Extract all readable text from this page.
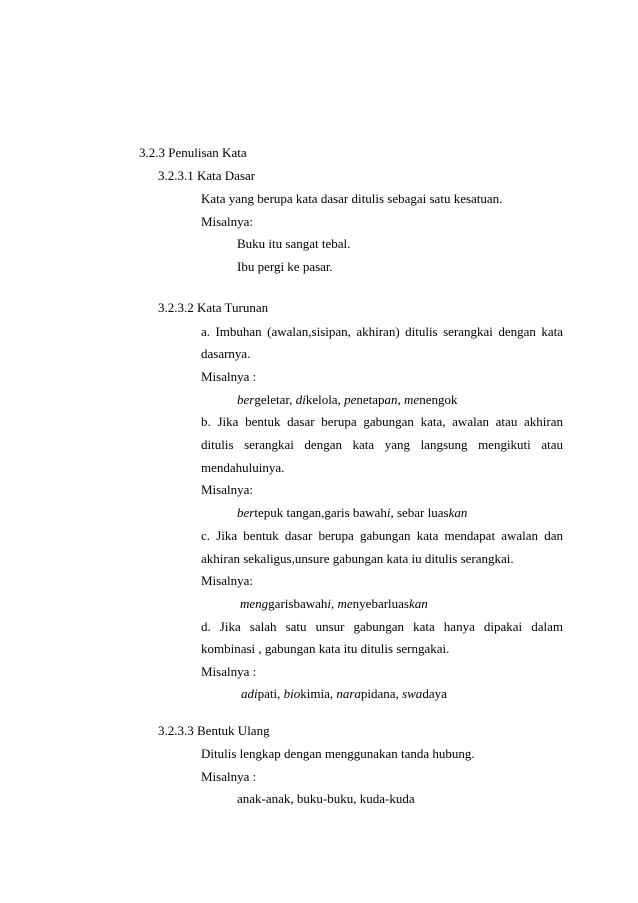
3.2.3 Penulisan Kata
3.2.3.1 Kata Dasar
Kata yang berupa kata dasar ditulis sebagai satu kesatuan.
Misalnya:
Buku itu sangat tebal.
Ibu pergi ke pasar.
3.2.3.2 Kata Turunan
a. Imbuhan (awalan,sisipan, akhiran) ditulis serangkai dengan kata
dasarnya.
Misalnya :
bergeletar, dikelola, penetapan, menengok
b. Jika bentuk dasar berupa gabungan kata, awalan atau akhiran
ditulis serangkai dengan kata yang langsung mengikuti atau
mendahuluinya.
Misalnya:
bertepuk tangan,garis bawahi, sebar luaskan
c. Jika bentuk dasar berupa gabungan kata mendapat awalan dan
akhiran sekaligus,unsure gabungan kata iu ditulis serangkai.
Misalnya:
menggarisbawahi, menyebarluaskan
d. Jika salah satu unsur gabungan kata hanya dipakai dalam
kombinasi , gabungan kata itu ditulis serngakai.
Misalnya :
adipati, biokimia, narapidana, swadaya
3.2.3.3 Bentuk Ulang
Ditulis lengkap dengan menggunakan tanda hubung.
Misalnya :
anak-anak, buku-buku, kuda-kuda
